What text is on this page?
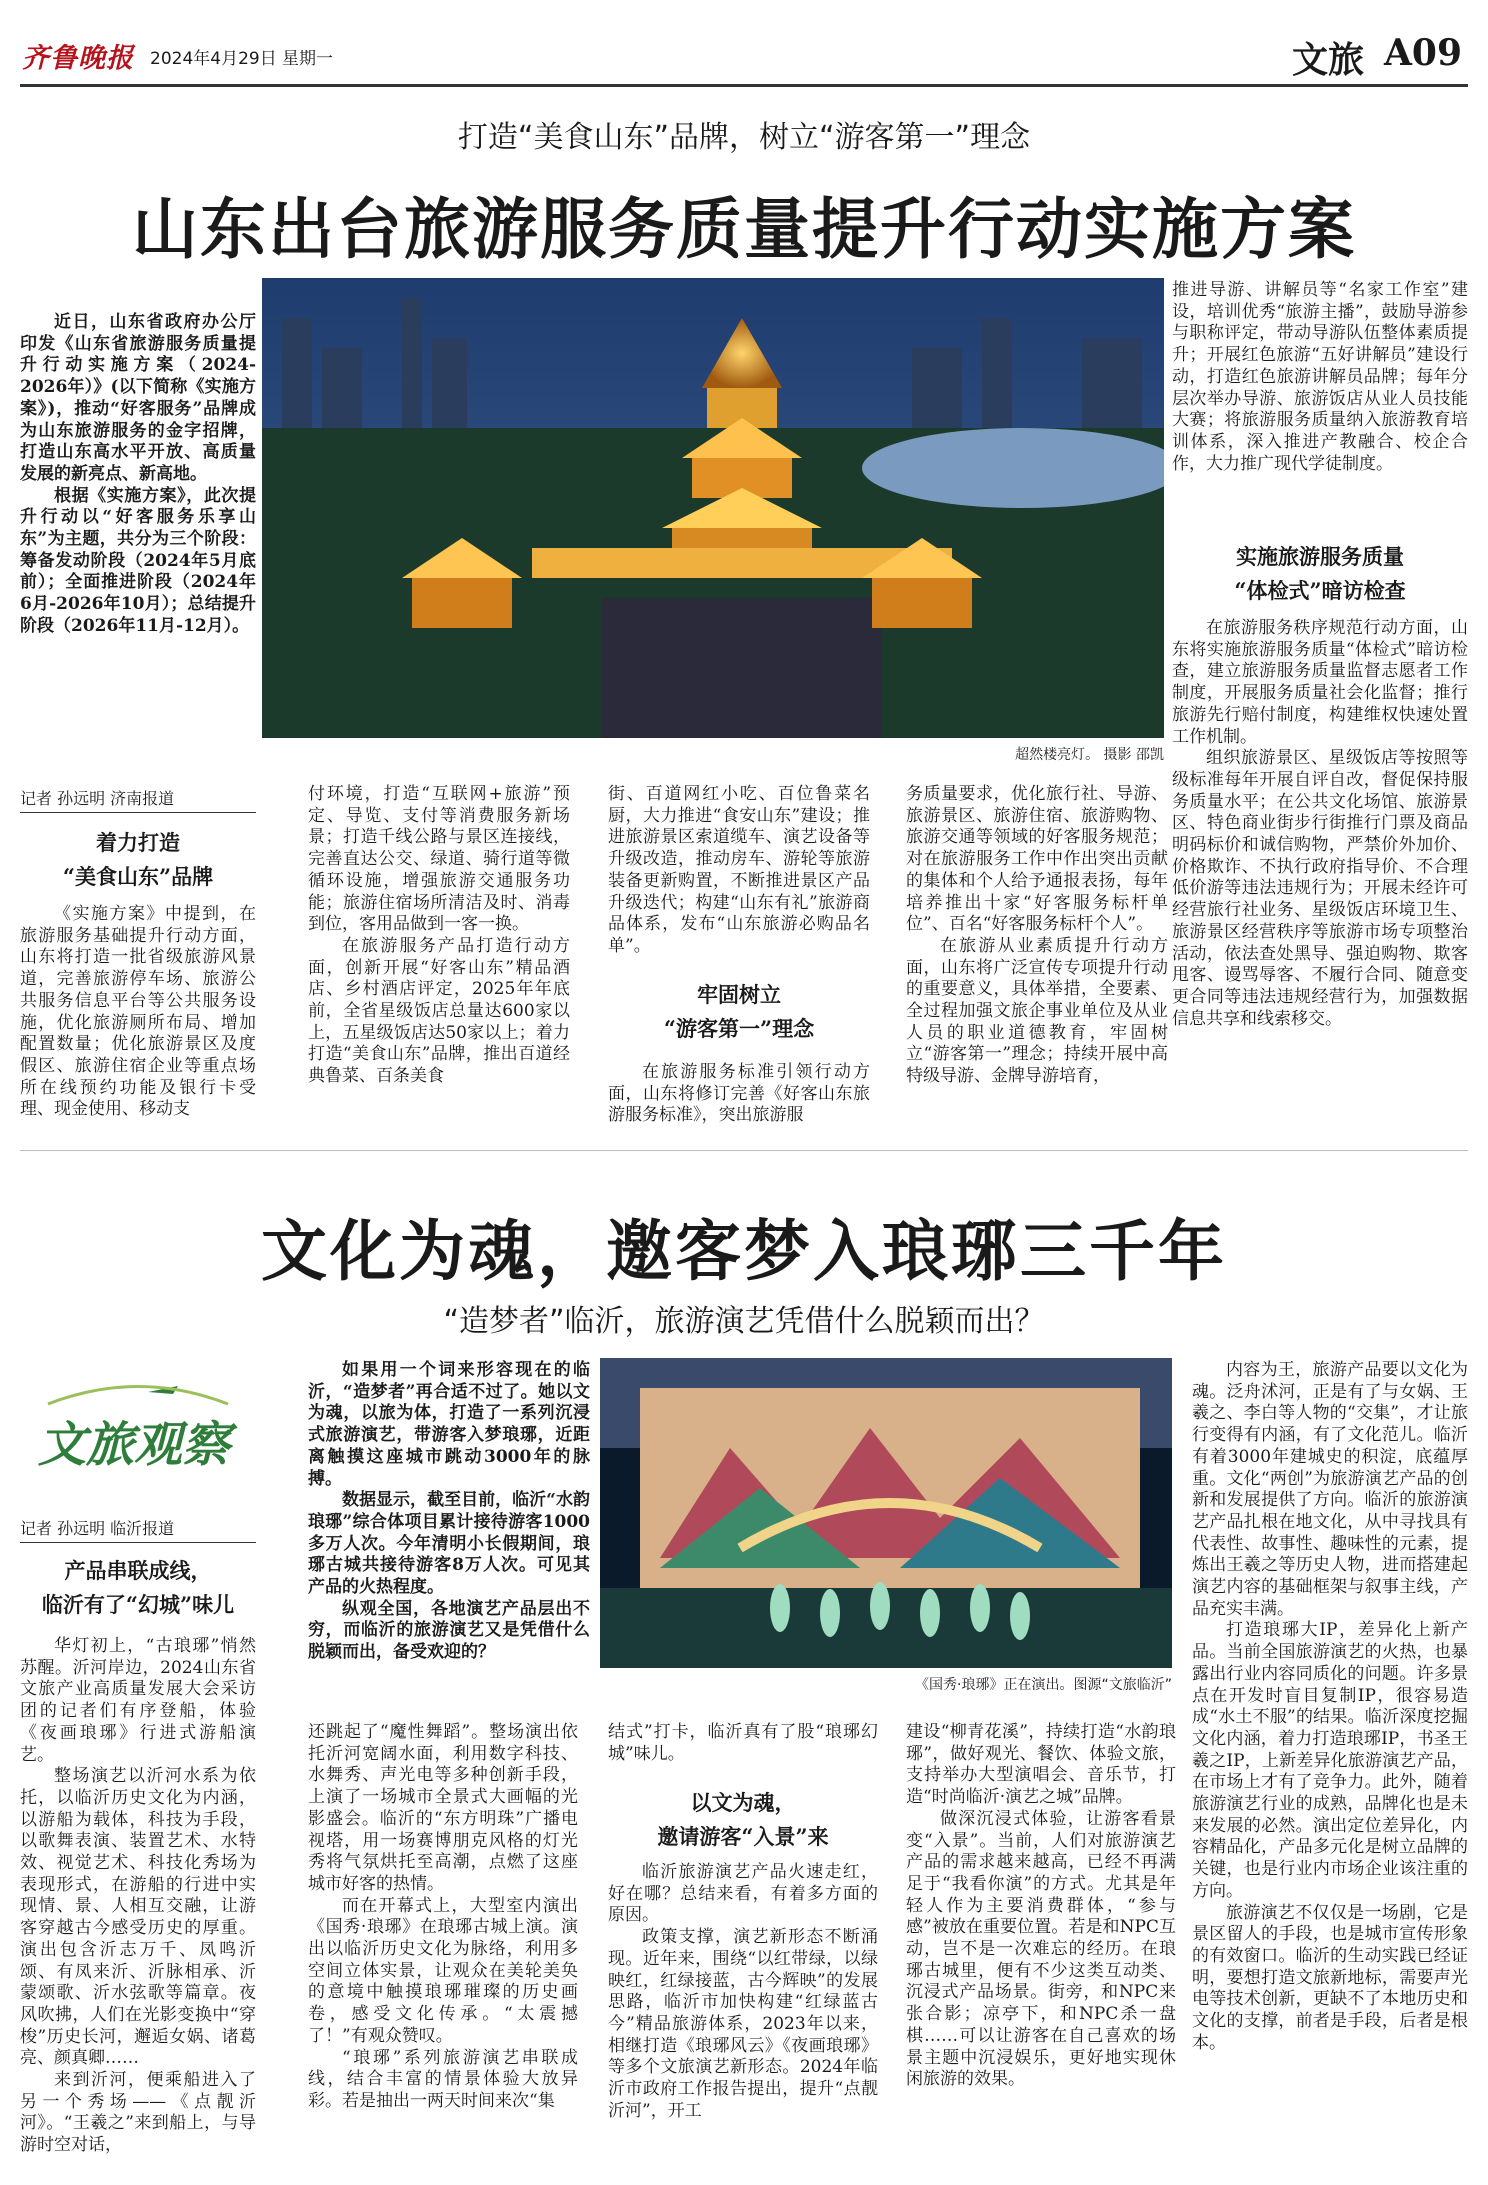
齐鲁晚报 2024年4月29日 星期一	文旅 A09
打造“美食山东”品牌，树立“游客第一”理念
山东出台旅游服务质量提升行动实施方案

近日，山东省政府办公厅印发《山东省旅游服务质量提升行动实施方案（2024-2026年）》(以下简称《实施方案》)，推动“好客服务”品牌成为山东旅游服务的金字招牌，打造山东高水平开放、高质量发展的新亮点、新高地。

根据《实施方案》，此次提升行动以“好客服务乐享山东”为主题，共分为三个阶段：筹备发动阶段（2024年5月底前）；全面推进阶段（2024年6月-2026年10月）；总结提升阶段（2026年11月-12月）。

超然楼亮灯。 摄影 邵凯

推进导游、讲解员等“名家工作室”建设，培训优秀“旅游主播”，鼓励导游参与职称评定，带动导游队伍整体素质提升；开展红色旅游“五好讲解员”建设行动，打造红色旅游讲解员品牌；每年分层次举办导游、旅游饭店从业人员技能大赛；将旅游服务质量纳入旅游教育培训体系，深入推进产教融合、校企合作，大力推广现代学徒制度。

实施旅游服务质量
“体检式”暗访检查

在旅游服务秩序规范行动方面，山东将实施旅游服务质量“体检式”暗访检查，建立旅游服务质量监督志愿者工作制度，开展服务质量社会化监督；推行旅游先行赔付制度，构建维权快速处置工作机制。

组织旅游景区、星级饭店等按照等级标准每年开展自评自改，督促保持服务质量水平；在公共文化场馆、旅游景区、特色商业街步行街推行门票及商品明码标价和诚信购物，严禁价外加价、价格欺诈、不执行政府指导价、不合理低价游等违法违规行为；开展未经许可经营旅行社业务、星级饭店环境卫生、旅游景区经营秩序等旅游市场专项整治活动，依法查处黑导、强迫购物、欺客甩客、谩骂辱客、不履行合同、随意变更合同等违法违规经营行为，加强数据信息共享和线索移交。

记者 孙远明 济南报道
着力打造
“美食山东”品牌

《实施方案》中提到，在旅游服务基础提升行动方面，山东将打造一批省级旅游风景道，完善旅游停车场、旅游公共服务信息平台等公共服务设施，优化旅游厕所布局、增加配置数量；优化旅游景区及度假区、旅游住宿企业等重点场所在线预约功能及银行卡受理、现金使用、移动支

付环境，打造“互联网+旅游”预定、导览、支付等消费服务新场景；打造千线公路与景区连接线，完善直达公交、绿道、骑行道等微循环设施，增强旅游交通服务功能；旅游住宿场所清洁及时、消毒到位，客用品做到一客一换。

在旅游服务产品打造行动方面，创新开展“好客山东”精品酒店、乡村酒店评定，2025年年底前，全省星级饭店总量达600家以上，五星级饭店达50家以上；着力打造“美食山东”品牌，推出百道经典鲁菜、百条美食

街、百道网红小吃、百位鲁菜名厨，大力推进“食安山东”建设；推进旅游景区索道缆车、演艺设备等升级改造，推动房车、游轮等旅游装备更新购置，不断推进景区产品升级迭代；构建“山东有礼”旅游商品体系，发布“山东旅游必购品名单”。

牢固树立
“游客第一”理念

在旅游服务标准引领行动方面，山东将修订完善《好客山东旅游服务标准》，突出旅游服

务质量要求，优化旅行社、导游、旅游景区、旅游住宿、旅游购物、旅游交通等领域的好客服务规范；对在旅游服务工作中作出突出贡献的集体和个人给予通报表扬，每年培养推出十家“好客服务标杆单位”、百名“好客服务标杆个人”。

在旅游从业素质提升行动方面，山东将广泛宣传专项提升行动的重要意义，具体举措，全要素、全过程加强文旅企事业单位及从业人员的职业道德教育，牢固树立“游客第一”理念；持续开展中高特级导游、金牌导游培育，

文化为魂，邀客梦入琅琊三千年
“造梦者”临沂，旅游演艺凭借什么脱颖而出？
文旅观察
记者 孙远明 临沂报道
产品串联成线，
临沂有了“幻城”味儿

如果用一个词来形容现在的临沂，“造梦者”再合适不过了。她以文为魂，以旅为体，打造了一系列沉浸式旅游演艺，带游客入梦琅琊，近距离触摸这座城市跳动3000年的脉搏。

数据显示，截至目前，临沂“水韵琅琊”综合体项目累计接待游客1000多万人次。今年清明小长假期间，琅琊古城共接待游客8万人次。可见其产品的火热程度。

纵观全国，各地演艺产品层出不穷，而临沂的旅游演艺又是凭借什么脱颖而出，备受欢迎的？

《国秀·琅琊》正在演出。图源“文旅临沂”

内容为王，旅游产品要以文化为魂。泛舟沭河，正是有了与女娲、王羲之、李白等人物的“交集”，才让旅行变得有内涵，有了文化范儿。临沂有着3000年建城史的积淀，底蕴厚重。文化“两创”为旅游演艺产品的创新和发展提供了方向。临沂的旅游演艺产品扎根在地文化，从中寻找具有代表性、故事性、趣味性的元素，提炼出王羲之等历史人物，进而搭建起演艺内容的基础框架与叙事主线，产品充实丰满。

打造琅琊大IP，差异化上新产品。当前全国旅游演艺的火热，也暴露出行业内容同质化的问题。许多景点在开发时盲目复制IP，很容易造成“水土不服”的结果。临沂深度挖掘文化内涵，着力打造琅琊IP，书圣王羲之IP，上新差异化旅游演艺产品，在市场上才有了竞争力。此外，随着旅游演艺行业的成熟，品牌化也是未来发展的必然。演出定位差异化，内容精品化，产品多元化是树立品牌的关键，也是行业内市场企业该注重的方向。

旅游演艺不仅仅是一场剧，它是景区留人的手段，也是城市宣传形象的有效窗口。临沂的生动实践已经证明，要想打造文旅新地标，需要声光电等技术创新，更缺不了本地历史和文化的支撑，前者是手段，后者是根本。

华灯初上，“古琅琊”悄然苏醒。沂河岸边，2024山东省文旅产业高质量发展大会采访团的记者们有序登船，体验《夜画琅琊》行进式游船演艺。

整场演艺以沂河水系为依托，以临沂历史文化为内涵，以游船为载体，科技为手段，以歌舞表演、装置艺术、水特效、视觉艺术、科技化秀场为表现形式，在游船的行进中实现情、景、人相互交融，让游客穿越古今感受历史的厚重。演出包含沂志万千、凤鸣沂颂、有凤来沂、沂脉相承、沂蒙颂歌、沂水弦歌等篇章。夜风吹拂，人们在光影变换中“穿梭”历史长河，邂逅女娲、诸葛亮、颜真卿……

来到沂河，便乘船进入了另一个秀场——《点靓沂河》。“王羲之”来到船上，与导游时空对话，

还跳起了“魔性舞蹈”。整场演出依托沂河宽阔水面，利用数字科技、水舞秀、声光电等多种创新手段，上演了一场城市全景式大画幅的光影盛会。临沂的“东方明珠”广播电视塔，用一场赛博朋克风格的灯光秀将气氛烘托至高潮，点燃了这座城市好客的热情。

而在开幕式上，大型室内演出《国秀·琅琊》在琅琊古城上演。演出以临沂历史文化为脉络，利用多空间立体实景，让观众在美轮美奂的意境中触摸琅琊璀璨的历史画卷，感受文化传承。“太震撼了！”有观众赞叹。

“琅琊”系列旅游演艺串联成线，结合丰富的情景体验大放异彩。若是抽出一两天时间来次“集

结式”打卡，临沂真有了股“琅琊幻城”味儿。

以文为魂，
邀请游客“入景”来

临沂旅游演艺产品火速走红，好在哪？总结来看，有着多方面的原因。

政策支撑，演艺新形态不断涌现。近年来，围绕“以红带绿，以绿映红，红绿接蓝，古今辉映”的发展思路，临沂市加快构建“红绿蓝古今”精品旅游体系，2023年以来，相继打造《琅琊风云》《夜画琅琊》等多个文旅演艺新形态。2024年临沂市政府工作报告提出，提升“点靓沂河”，开工

建设“柳青花溪”，持续打造“水韵琅琊”，做好观光、餐饮、体验文旅，支持举办大型演唱会、音乐节，打造“时尚临沂·演艺之城”品牌。

做深沉浸式体验，让游客看景变“入景”。当前，人们对旅游演艺产品的需求越来越高，已经不再满足于“我看你演”的方式。尤其是年轻人作为主要消费群体，“参与感”被放在重要位置。若是和NPC互动，岂不是一次难忘的经历。在琅琊古城里，便有不少这类互动类、沉浸式产品场景。街旁，和NPC来张合影；凉亭下，和NPC杀一盘棋……可以让游客在自己喜欢的场景主题中沉浸娱乐，更好地实现休闲旅游的效果。
